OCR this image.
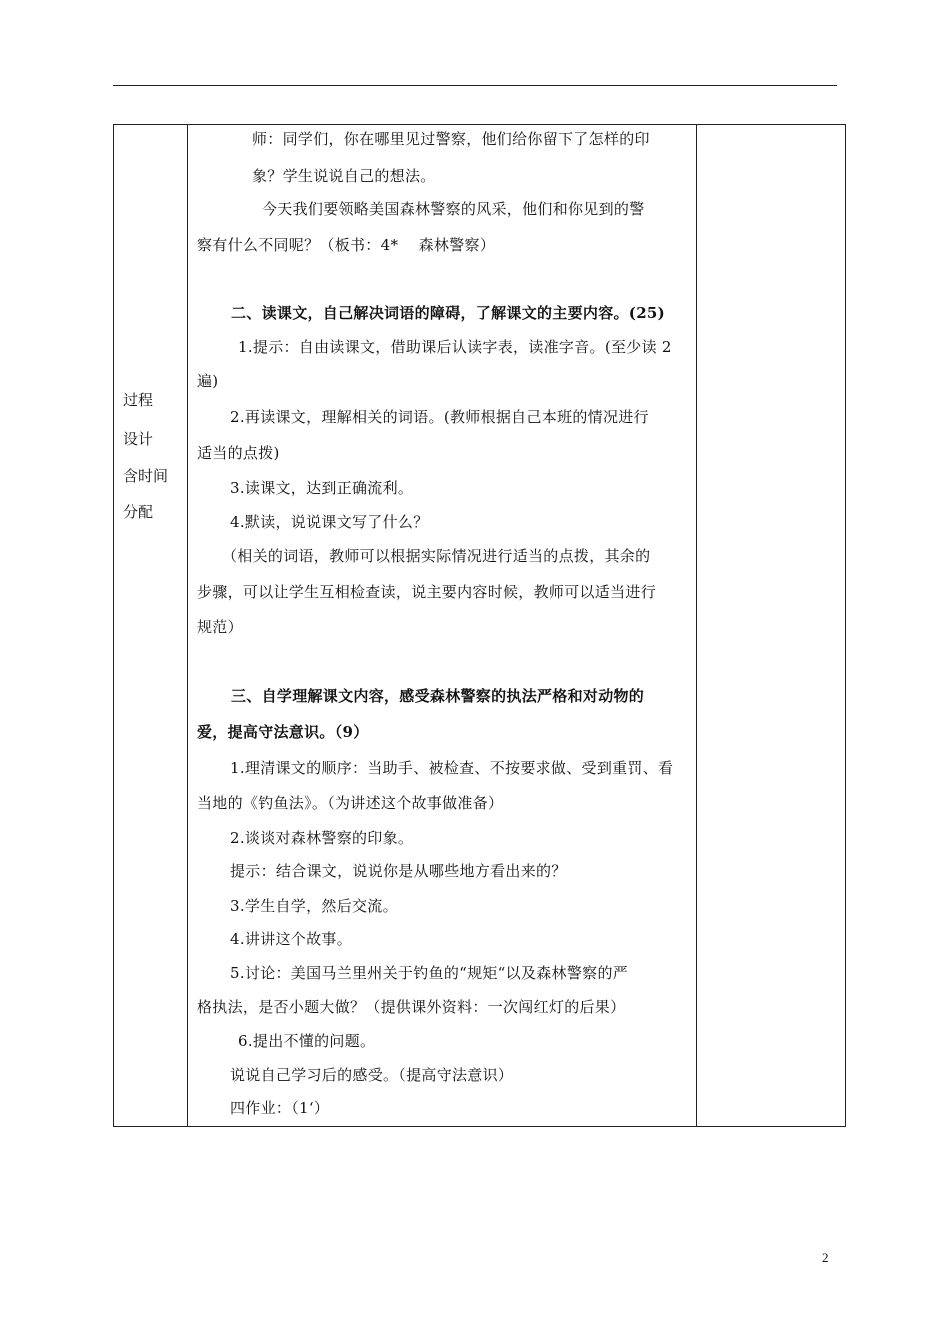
过程
设计
含时间
分配
师：同学们，你在哪里见过警察，他们给你留下了怎样的印
象？学生说说自己的想法。
今天我们要领略美国森林警察的风采，他们和你见到的警
察有什么不同呢？（板书：4*　 森林警察）
二、读课文，自己解决词语的障碍，了解课文的主要内容。(25)
1.提示：自由读课文，借助课后认读字表，读准字音。(至少读 2
遍)
2.再读课文，理解相关的词语。(教师根据自己本班的情况进行
适当的点拨)
3.读课文，达到正确流利。
4.默读，说说课文写了什么？
（相关的词语，教师可以根据实际情况进行适当的点拨，其余的
步骤，可以让学生互相检查读，说主要内容时候，教师可以适当进行
规范）
三、自学理解课文内容，感受森林警察的执法严格和对动物的
爱，提高守法意识。（9）
1.理清课文的顺序：当助手、被检查、不按要求做、受到重罚、看
当地的《钓鱼法》。（为讲述这个故事做准备）
2.谈谈对森林警察的印象。
提示：结合课文，说说你是从哪些地方看出来的？
3.学生自学，然后交流。
4.讲讲这个故事。
5.讨论：美国马兰里州关于钓鱼的“规矩“以及森林警察的严
格执法，是否小题大做？（提供课外资料：一次闯红灯的后果）
6.提出不懂的问题。
说说自己学习后的感受。（提高守法意识）
四作业：（1‘）
2
